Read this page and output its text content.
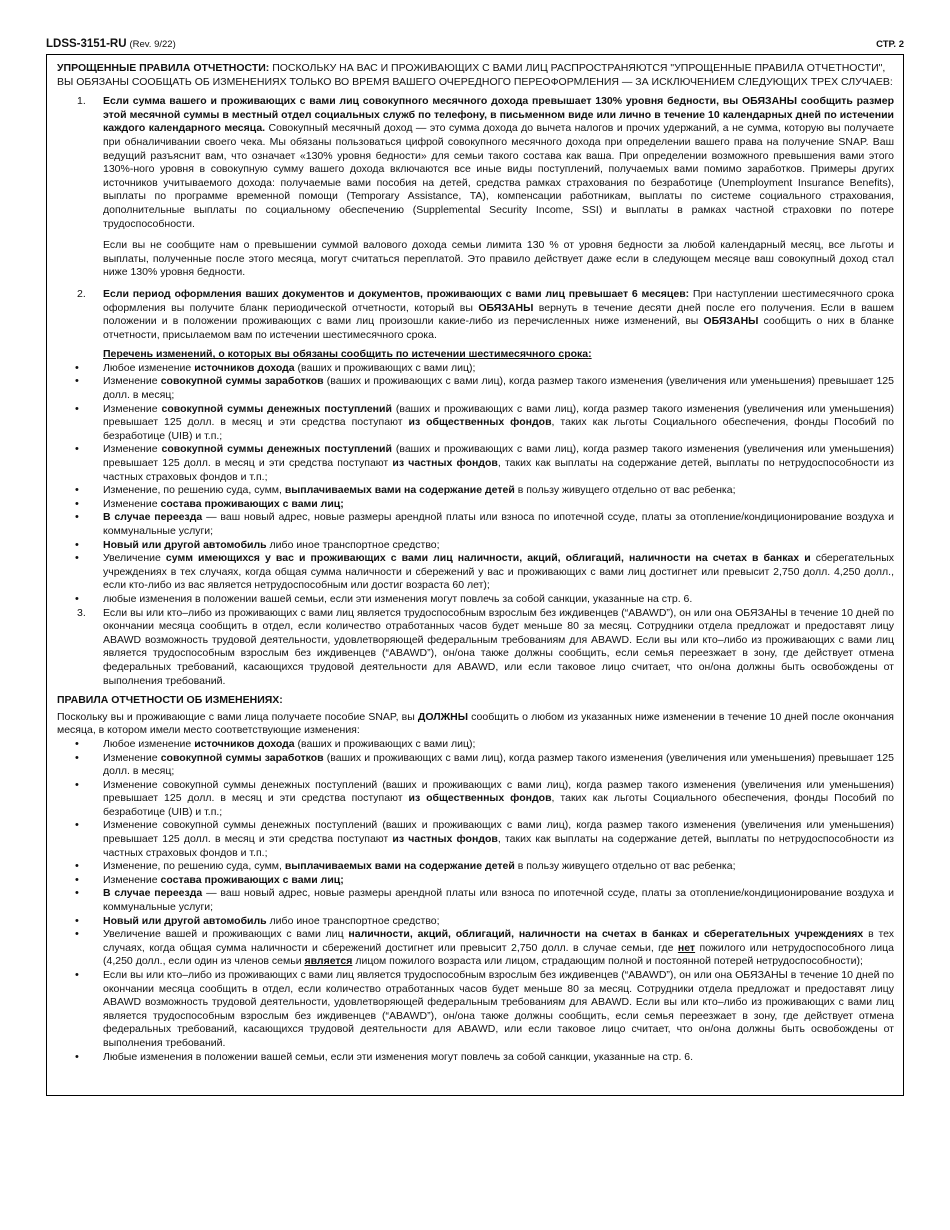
LDSS-3151-RU (Rev. 9/22)	СТР. 2

УПРОЩЕННЫЕ ПРАВИЛА ОТЧЕТНОСТИ: ПОСКОЛЬКУ НА ВАС И ПРОЖИВАЮЩИХ С ВАМИ ЛИЦ РАСПРОСТРАНЯЮТСЯ "УПРОЩЕННЫЕ ПРАВИЛА ОТЧЕТНОСТИ", ВЫ ОБЯЗАНЫ СООБЩАТЬ ОБ ИЗМЕНЕНИЯХ ТОЛЬКО ВО ВРЕМЯ ВАШЕГО ОЧЕРЕДНОГО ПЕРЕОФОРМЛЕНИЯ — ЗА ИСКЛЮЧЕНИЕМ СЛЕДУЮЩИХ ТРЕХ СЛУЧАЕВ:

1. Если сумма вашего и проживающих с вами лиц совокупного месячного дохода превышает 130% уровня бедности, вы ОБЯЗАНЫ сообщить размер этой месячной суммы в местный отдел социальных служб по телефону, в письменном виде или лично в течение 10 календарных дней по истечении каждого календарного месяца. Совокупный месячный доход — это сумма дохода до вычета налогов и прочих удержаний, а не сумма, которую вы получаете при обналичивании своего чека. Мы обязаны пользоваться цифрой совокупного месячного дохода при определении вашего права на получение SNAP. Ваш ведущий разъяснит вам, что означает «130% уровня бедности» для семьи такого состава как ваша. При определении возможного превышения вами этого 130%-ного уровня в совокупную сумму вашего дохода включаются все иные виды поступлений, получаемых вами помимо заработков. Примеры других источников учитываемого дохода: получаемые вами пособия на детей, средства рамках страхования по безработице (Unemployment Insurance Benefits), выплаты по программе временной помощи (Temporary Assistance, TA), компенсации работникам, выплаты по системе социального страхования, дополнительные выплаты по социальному обеспечению (Supplemental Security Income, SSI) и выплаты в рамках частной страховки по потере трудоспособности.

Если вы не сообщите нам о превышении суммой валового дохода семьи лимита 130 % от уровня бедности за любой календарный месяц, все льготы и выплаты, полученные после этого месяца, могут считаться переплатой. Это правило действует даже если в следующем месяце ваш совокупный доход стал ниже 130% уровня бедности.

2. Если период оформления ваших документов и документов, проживающих с вами лиц превышает 6 месяцев: При наступлении шестимесячного срока оформления вы получите бланк периодической отчетности, который вы ОБЯЗАНЫ вернуть в течение десяти дней после его получения. Если в вашем положении и в положении проживающих с вами лиц произошли какие-либо из перечисленных ниже изменений, вы ОБЯЗАНЫ сообщить о них в бланке отчетности, присылаемом вам по истечении шестимесячного срока.

Перечень изменений, о которых вы обязаны сообщить по истечении шестимесячного срока:

• Любое изменение источников дохода (ваших и проживающих с вами лиц);

• Изменение совокупной суммы заработков (ваших и проживающих с вами лиц), когда размер такого изменения (увеличения или уменьшения) превышает 125 долл. в месяц;

• Изменение совокупной суммы денежных поступлений (ваших и проживающих с вами лиц), когда размер такого изменения (увеличения или уменьшения) превышает 125 долл. в месяц и эти средства поступают из общественных фондов, таких как льготы Социального обеспечения, фонды Пособий по безработице (UIB) и т.п.;

• Изменение совокупной суммы денежных поступлений (ваших и проживающих с вами лиц), когда размер такого изменения (увеличения или уменьшения) превышает 125 долл. в месяц и эти средства поступают из частных фондов, таких как выплаты на содержание детей, выплаты по нетрудоспособности из частных страховых фондов и т.п.;

• Изменение, по решению суда, сумм, выплачиваемых вами на содержание детей в пользу живущего отдельно от вас ребенка;

• Изменение состава проживающих с вами лиц;

• В случае переезда — ваш новый адрес, новые размеры арендной платы или взноса по ипотечной ссуде, платы за отопление/кондиционирование воздуха и коммунальные услуги;

• Новый или другой автомобиль либо иное транспортное средство;

• Увеличение сумм имеющихся у вас и проживающих с вами лиц наличности, акций, облигаций, наличности на счетах в банках и сберегательных учреждениях в тех случаях, когда общая сумма наличности и сбережений у вас и проживающих с вами лиц достигнет или превысит 2,750 долл. 4,250 долл., если кто-либо из вас является нетрудоспособным или достиг возраста 60 лет);

• любые изменения в положении вашей семьи, если эти изменения могут повлечь за собой санкции, указанные на стр. 6.

3. Если вы или кто–либо из проживающих с вами лиц является трудоспособным взрослым без иждивенцев (“ABAWD”), он или она ОБЯЗАНЫ в течение 10 дней по окончании месяца сообщить в отдел, если количество отработанных часов будет меньше 80 за месяц. Сотрудники отдела предложат и предоставят лицу ABAWD возможность трудовой деятельности, удовлетворяющей федеральным требованиям для ABAWD. Если вы или кто–либо из проживающих с вами лиц является трудоспособным взрослым без иждивенцев (“ABAWD”), он/она также должны сообщить, если семья переезжает в зону, где действует отмена федеральных требований, касающихся трудовой деятельности для ABAWD, или если таковое лицо считает, что он/она должны быть освобождены от выполнения требований.

ПРАВИЛА ОТЧЕТНОСТИ ОБ ИЗМЕНЕНИЯХ:

Поскольку вы и проживающие с вами лица получаете пособие SNAP, вы ДОЛЖНЫ сообщить о любом из указанных ниже изменении в течение 10 дней после окончания месяца, в котором имели место соответствующие изменения:

• Любое изменение источников дохода (ваших и проживающих с вами лиц);

• Изменение совокупной суммы заработков (ваших и проживающих с вами лиц), когда размер такого изменения (увеличения или уменьшения) превышает 125 долл. в месяц;

• Изменение совокупной суммы денежных поступлений (ваших и проживающих с вами лиц), когда размер такого изменения (увеличения или уменьшения) превышает 125 долл. в месяц и эти средства поступают из общественных фондов, таких как льготы Социального обеспечения, фонды Пособий по безработице (UIB) и т.п.;

• Изменение совокупной суммы денежных поступлений (ваших и проживающих с вами лиц), когда размер такого изменения (увеличения или уменьшения) превышает 125 долл. в месяц и эти средства поступают из частных фондов, таких как выплаты на содержание детей, выплаты по нетрудоспособности из частных страховых фондов и т.п.;

• Изменение, по решению суда, сумм, выплачиваемых вами на содержание детей в пользу живущего отдельно от вас ребенка;

• Изменение состава проживающих с вами лиц;

• В случае переезда — ваш новый адрес, новые размеры арендной платы или взноса по ипотечной ссуде, платы за отопление/кондиционирование воздуха и коммунальные услуги;

• Новый или другой автомобиль либо иное транспортное средство;

• Увеличение вашей и проживающих с вами лиц наличности, акций, облигаций, наличности на счетах в банках и сберегательных учреждениях в тех случаях, когда общая сумма наличности и сбережений достигнет или превысит 2,750 долл. в случае семьи, где нет пожилого или нетрудоспособного лица (4,250 долл., если один из членов семьи является лицом пожилого возраста или лицом, страдающим полной и постоянной потерей нетрудоспособности);

• Если вы или кто–либо из проживающих с вами лиц является трудоспособным взрослым без иждивенцев (“ABAWD”), он или она ОБЯЗАНЫ в течение 10 дней по окончании месяца сообщить в отдел, если количество отработанных часов будет меньше 80 за месяц. Сотрудники отдела предложат и предоставят лицу ABAWD возможность трудовой деятельности, удовлетворяющей федеральным требованиям для ABAWD. Если вы или кто–либо из проживающих с вами лиц является трудоспособным взрослым без иждивенцев (“ABAWD”), он/она также должны сообщить, если семья переезжает в зону, где действует отмена федеральных требований, касающихся трудовой деятельности для ABAWD, или если таковое лицо считает, что он/она должны быть освобождены от выполнения требований.

• Любые изменения в положении вашей семьи, если эти изменения могут повлечь за собой санкции, указанные на стр. 6.
